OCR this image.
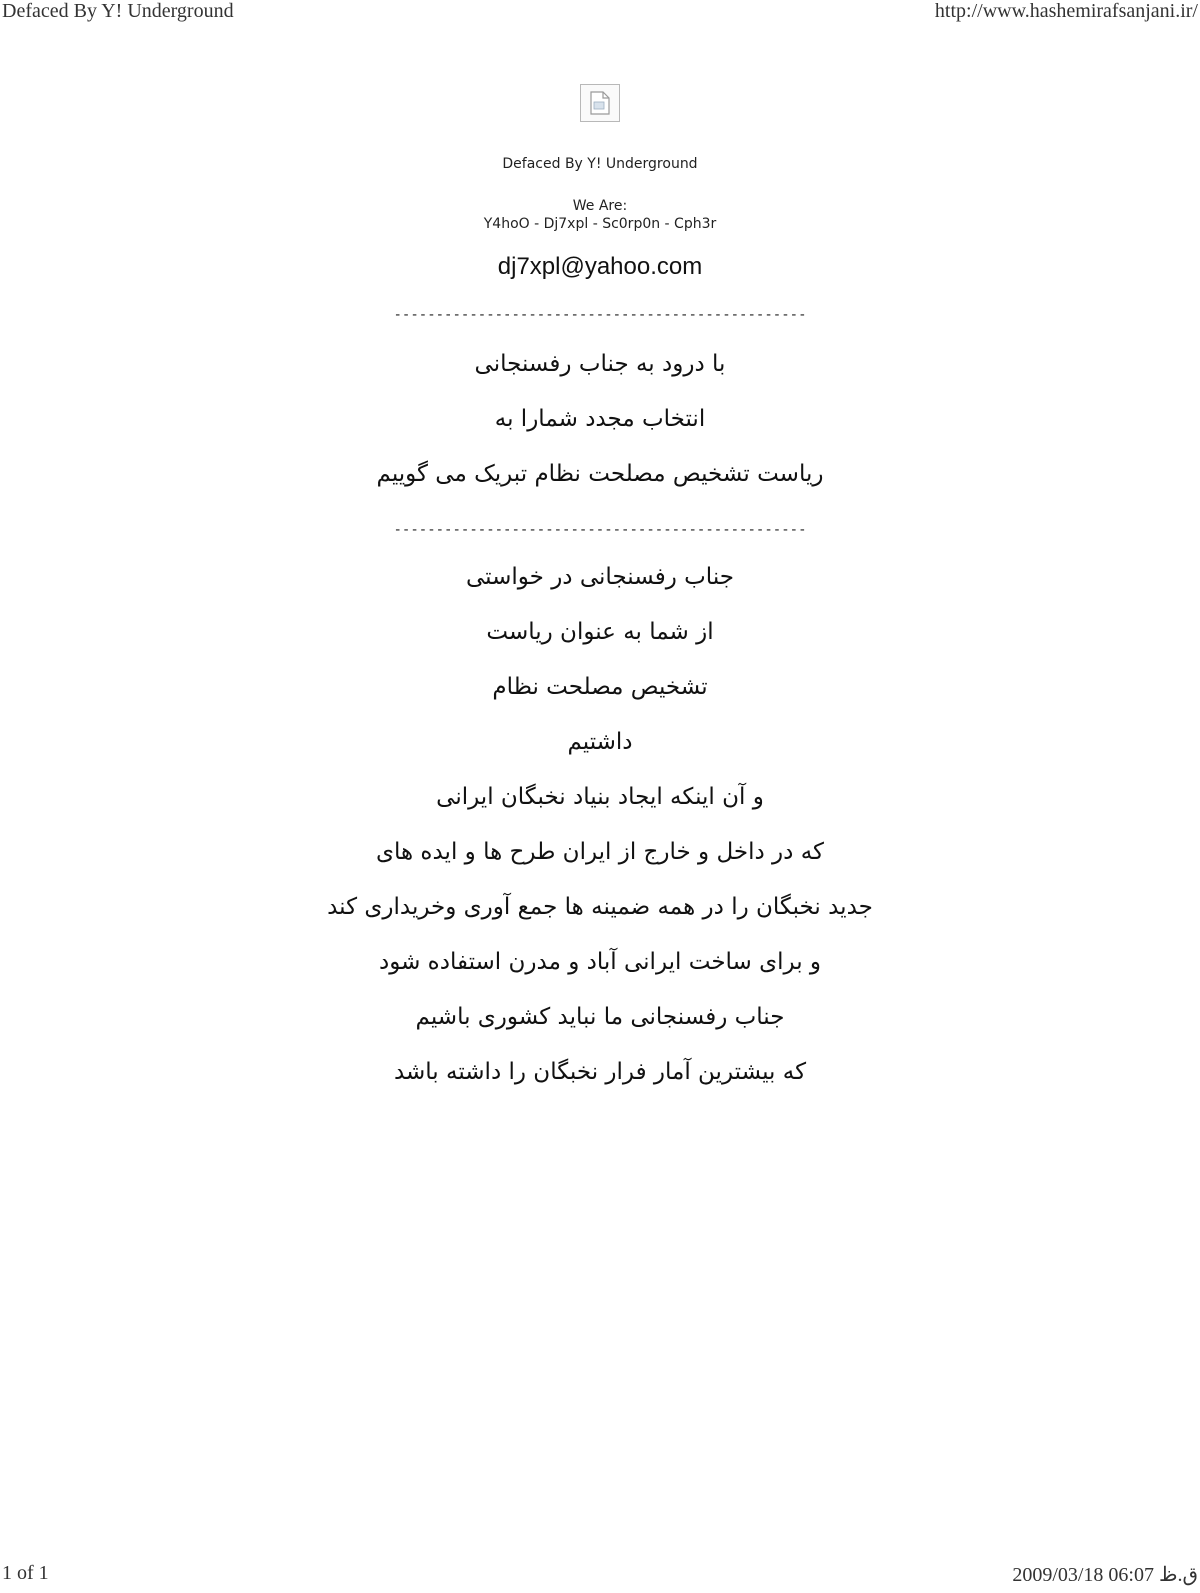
Defaced By Y! Underground	http://www.hashemirafsanjani.ir/
Defaced By Y! Underground
We Are:
Y4hoO - Dj7xpl - Sc0rp0n - Cph3r
dj7xpl@yahoo.com
-------------------------------------------------
با درود به جناب رفسنجانی
انتخاب مجدد شمارا به
ریاست تشخیص مصلحت نظام تبریک می گوییم
-------------------------------------------------
جناب رفسنجانی در خواستی
از شما به عنوان ریاست
تشخیص مصلحت نظام
داشتیم
و آن اینکه ایجاد بنیاد نخبگان ایرانی
که در داخل و خارج از ایران طرح ها و ایده های
جدید نخبگان را در همه ضمینه ها جمع آوری وخریداری کند
و برای ساخت ایرانی آباد و مدرن استفاده شود
جناب رفسنجانی ما نباید کشوری باشیم
که بیشترین آمار فرار نخبگان را داشته باشد
1 of 1	2009/03/18 06:07 ق.ظ
